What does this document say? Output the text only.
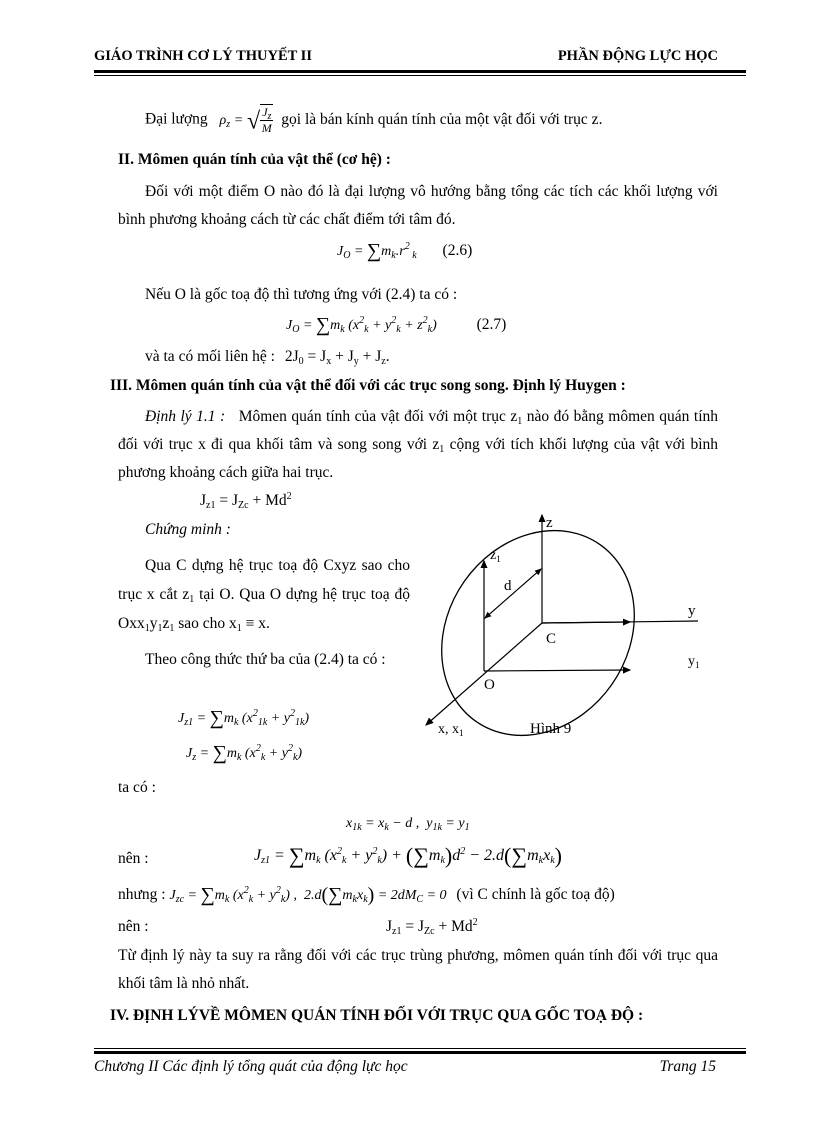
GIÁO TRÌNH CƠ LÝ THUYẾT II	PHẦN ĐỘNG LỰC HỌC
Đại lượng $\rho_z$ = √ $\frac{J_z}{M}$ gọi là bán kính quán tính của một vật đối với trục z.
II. Mômen quán tính của vật thể (cơ hệ) :
Đối với một điểm O nào đó là đại lượng vô hướng bằng tổng các tích các khối lượng với bình phương khoảng cách từ các chất điểm tới tâm đó.
$J_O = \sum m_k.r^2$ $_k$ (2.6)
Nếu O là gốc toạ độ thì tương ứng với (2.4) ta có :
$J_O = \sum m_k$ $(x^2_k + y^2_k + z^2_k)$	(2.7)
và ta có mối liên hệ : $2J_0 = J_x + J_y + J_z$.
III. Mômen quán tính của vật thể đối với các trục song song. Định lý Huygen :
Định lý 1.1 : Mômen quán tính của vật đối với một trục $z_1$ nào đó bằng mômen quán tính đối với trục x đi qua khối tâm và song song với $z_1$ cộng với tích khối lượng của vật với bình phương khoảng cách giữa hai trục.
$J_{z1} = J_{Zc} + Md^2$
Chứng minh :
Qua C dựng hệ trục toạ độ Cxyz sao cho trục x cắt $z_1$ tại O. Qua O dựng hệ trục toạ độ $Oxx_1y_1z_1$ sao cho $x_1 \equiv x$.
Theo công thức thứ ba của (2.4) ta có :
$J_{z1} = \sum m_k$ $(x^2_{1k} + y^2_{1k})$
$J_z = \sum m_k$ $(x^2_k + y^2_k)$
z
$z_1$
d
y
C
$y_1$
O
x, $x_1$	Hình 9
ta có :
$x_{1k} = x_k - d$ ,  $y_{1k} = y_1$
nên :	$J_{z1} = \sum m_k$ $(x^2_k + y^2_k) + (\sum m_k)d^2 - 2.d(\sum m_kx_k)$
nhưng : $J_{zc} = \sum m_k$ $(x^2_k + y^2_k)$ ,  $2.d(\sum m_kx_k) = 2dM_C = 0$ (vì C chính là gốc toạ độ)
nên :	$J_{z1} = J_{Zc} + Md^2$
Từ định lý này ta suy ra rằng đối với các trục trùng phương, mômen quán tính đối với trục qua khối tâm là nhỏ nhất.
IV. ĐỊNH LÝVỀ MÔMEN QUÁN TÍNH ĐỐI VỚI TRỤC QUA GỐC TOẠ ĐỘ :
Chương II Các định lý tổng quát của động lực học	Trang 15
